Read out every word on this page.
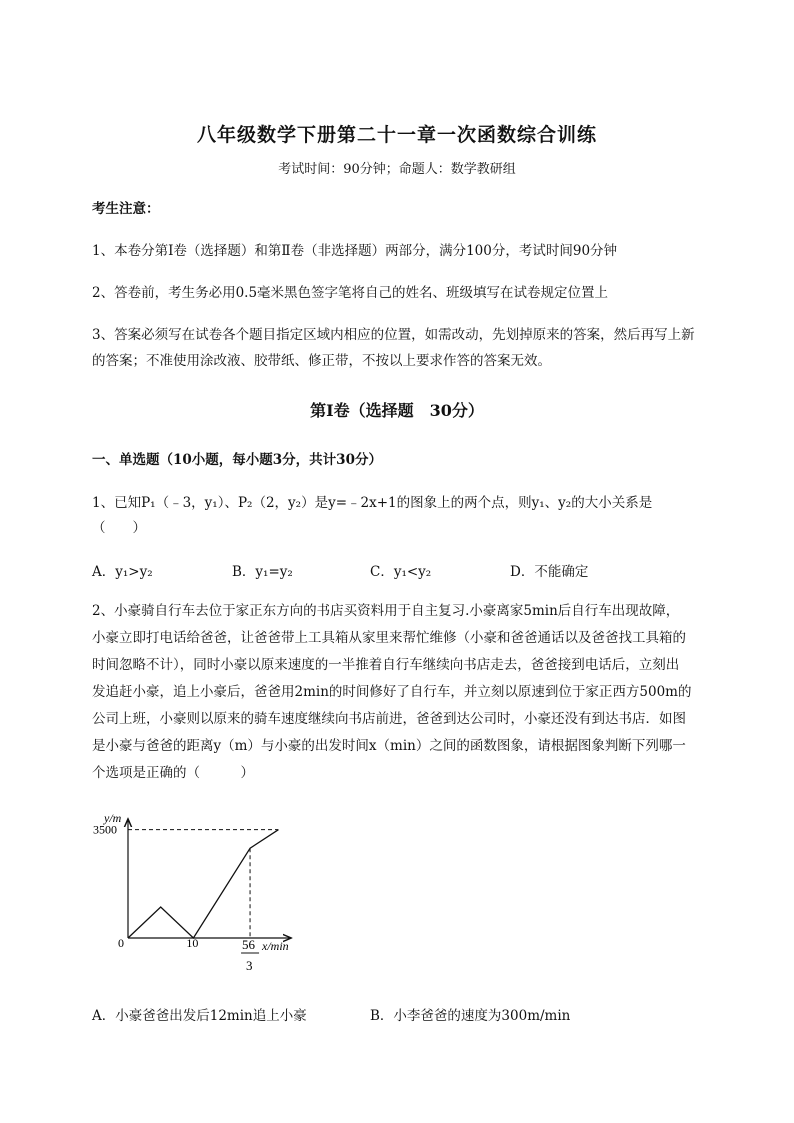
八年级数学下册第二十一章一次函数综合训练
考试时间：90分钟；命题人：数学教研组
考生注意：
1、本卷分第I卷（选择题）和第Ⅱ卷（非选择题）两部分，满分100分，考试时间90分钟
2、答卷前，考生务必用0.5毫米黑色签字笔将自己的姓名、班级填写在试卷规定位置上
3、答案必须写在试卷各个题目指定区域内相应的位置，如需改动，先划掉原来的答案，然后再写上新
的答案；不准使用涂改液、胶带纸、修正带，不按以上要求作答的答案无效。
第I卷（选择题　30分）
一、单选题（10小题，每小题3分，共计30分）
1、已知P₁（﹣3，y₁）、P₂（2，y₂）是y=﹣2x+1的图象上的两个点，则y₁、y₂的大小关系是
（　　）
A．y₁>y₂	B．y₁=y₂	C．y₁<y₂	D．不能确定
2、小豪骑自行车去位于家正东方向的书店买资料用于自主复习.小豪离家5min后自行车出现故障，
小豪立即打电话给爸爸，让爸爸带上工具箱从家里来帮忙维修（小豪和爸爸通话以及爸爸找工具箱的
时间忽略不计），同时小豪以原来速度的一半推着自行车继续向书店走去，爸爸接到电话后，立刻出
发追赶小豪，追上小豪后，爸爸用2min的时间修好了自行车，并立刻以原速到位于家正西方500m的
公司上班，小豪则以原来的骑车速度继续向书店前进，爸爸到达公司时，小豪还没有到达书店．如图
是小豪与爸爸的距离y（m）与小豪的出发时间x（min）之间的函数图象，请根据图象判断下列哪一
个选项是正确的（　　　）
y/m
x/min
0	10
3500
56
3
A．小豪爸爸出发后12min追上小豪	B．小李爸爸的速度为300m/min
